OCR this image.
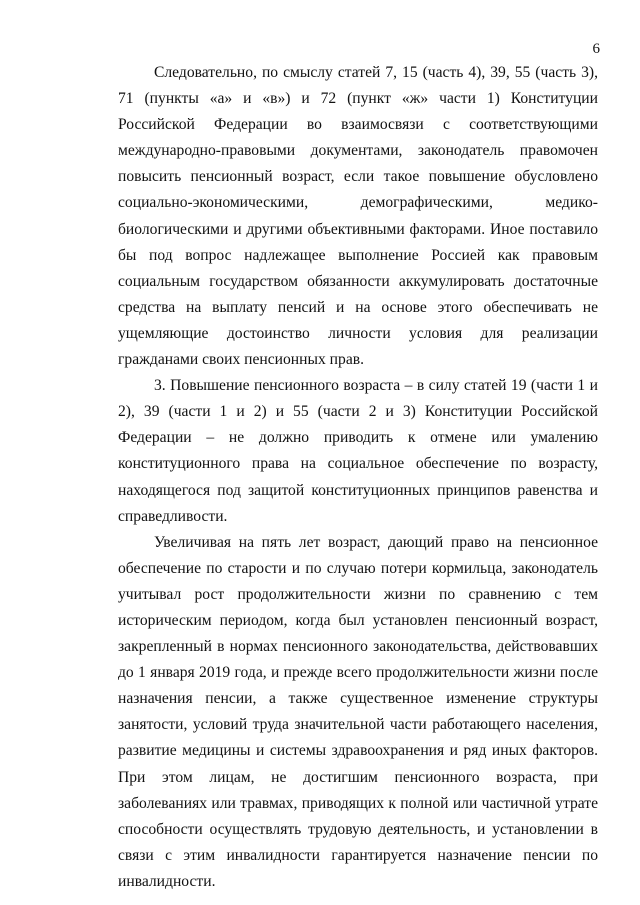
6

Следовательно, по смыслу статей 7, 15 (часть 4), 39, 55 (часть 3), 71 (пункты «а» и «в») и 72 (пункт «ж» части 1) Конституции Российской Федерации во взаимосвязи с соответствующими международно-правовыми документами, законодатель правомочен повысить пенсионный возраст, если такое повышение обусловлено социально-экономическими, демографическими, медико-биологическими и другими объективными факторами. Иное поставило бы под вопрос надлежащее выполнение Россией как правовым социальным государством обязанности аккумулировать достаточные средства на выплату пенсий и на основе этого обеспечивать не ущемляющие достоинство личности условия для реализации гражданами своих пенсионных прав.

3. Повышение пенсионного возраста – в силу статей 19 (части 1 и 2), 39 (части 1 и 2) и 55 (части 2 и 3) Конституции Российской Федерации – не должно приводить к отмене или умалению конституционного права на социальное обеспечение по возрасту, находящегося под защитой конституционных принципов равенства и справедливости.

Увеличивая на пять лет возраст, дающий право на пенсионное обеспечение по старости и по случаю потери кормильца, законодатель учитывал рост продолжительности жизни по сравнению с тем историческим периодом, когда был установлен пенсионный возраст, закрепленный в нормах пенсионного законодательства, действовавших до 1 января 2019 года, и прежде всего продолжительности жизни после назначения пенсии, а также существенное изменение структуры занятости, условий труда значительной части работающего населения, развитие медицины и системы здравоохранения и ряд иных факторов. При этом лицам, не достигшим пенсионного возраста, при заболеваниях или травмах, приводящих к полной или частичной утрате способности осуществлять трудовую деятельность, и установлении в связи с этим инвалидности гарантируется назначение пенсии по инвалидности.
